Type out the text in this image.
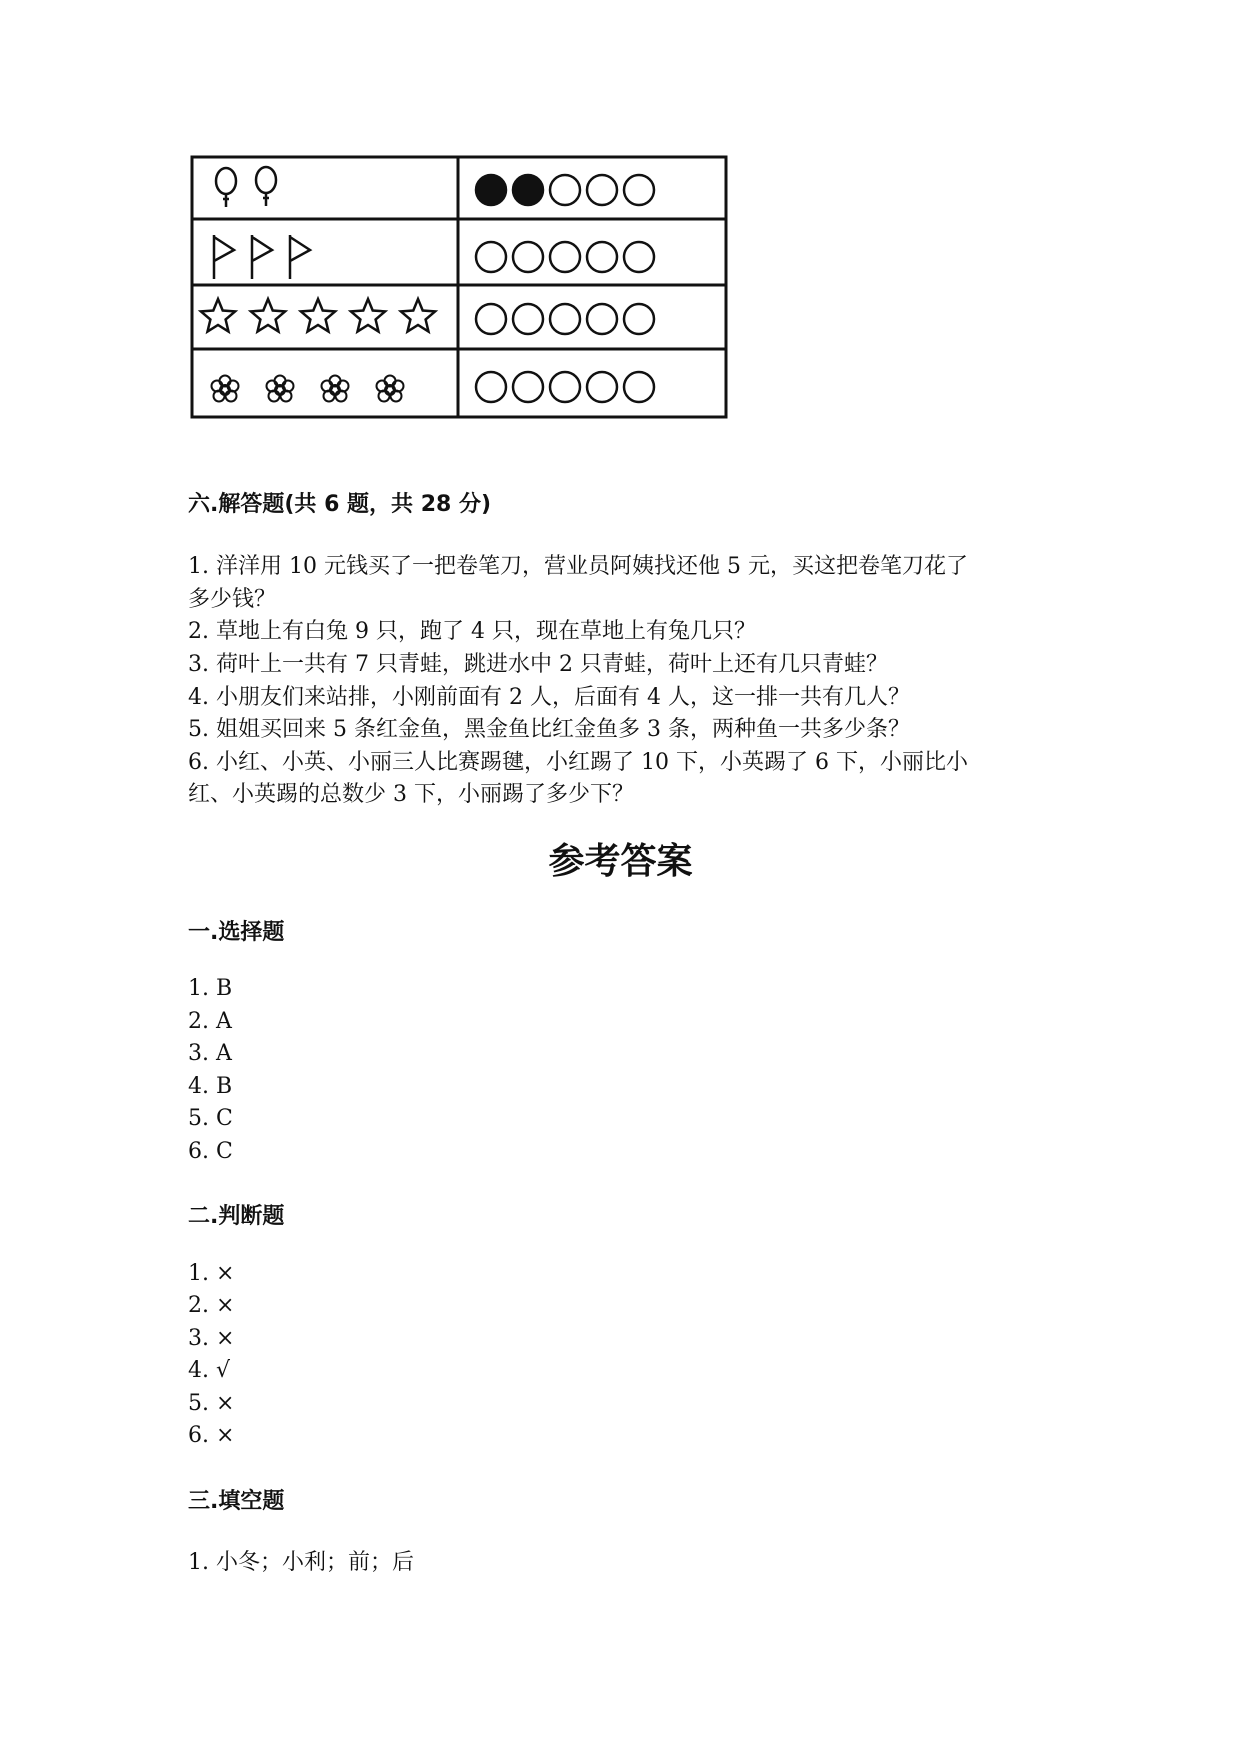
六.解答题(共 6 题，共 28 分)
1. 洋洋用 10 元钱买了一把卷笔刀，营业员阿姨找还他 5 元，买这把卷笔刀花了
多少钱？
2. 草地上有白兔 9 只，跑了 4 只，现在草地上有兔几只？
3. 荷叶上一共有 7 只青蛙，跳进水中 2 只青蛙，荷叶上还有几只青蛙？
4. 小朋友们来站排，小刚前面有 2 人，后面有 4 人，这一排一共有几人？
5. 姐姐买回来 5 条红金鱼，黑金鱼比红金鱼多 3 条，两种鱼一共多少条？
6. 小红、小英、小丽三人比赛踢毽，小红踢了 10 下，小英踢了 6 下，小丽比小
红、小英踢的总数少 3 下，小丽踢了多少下？
参考答案
一.选择题
1. B
2. A
3. A
4. B
5. C
6. C
二.判断题
1. ×
2. ×
3. ×
4. √
5. ×
6. ×
三.填空题
1. 小冬；小利；前；后
